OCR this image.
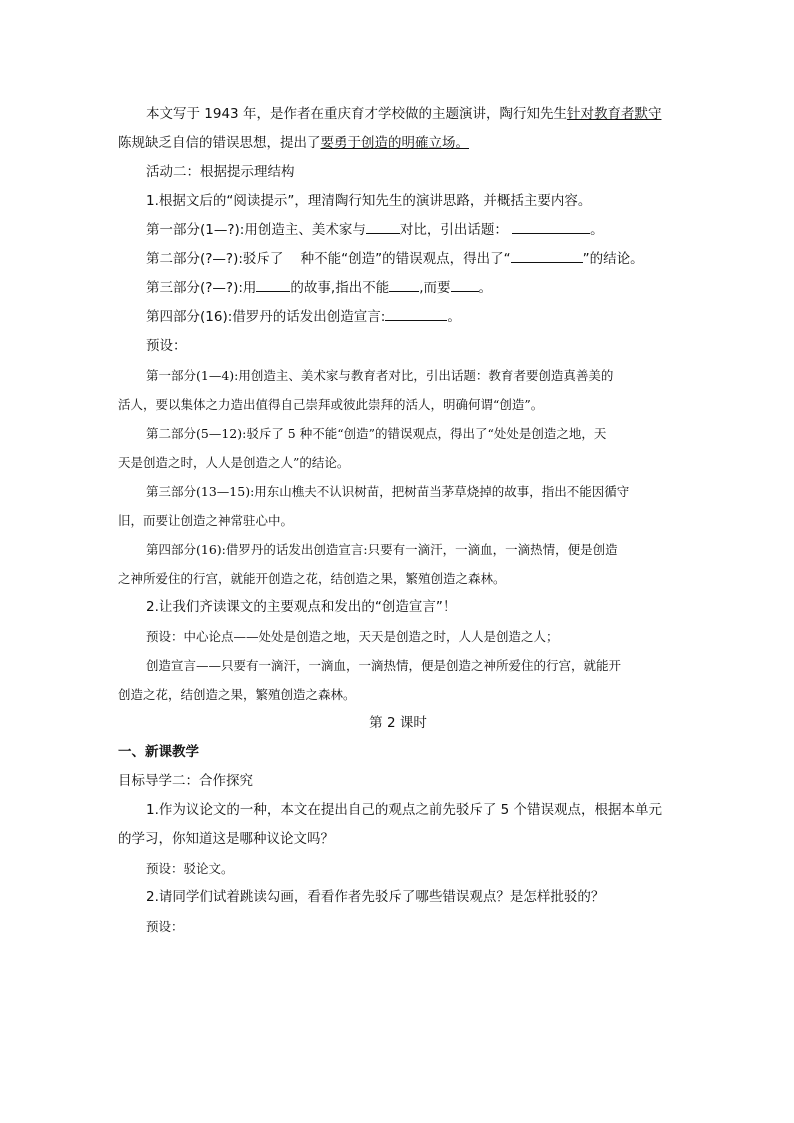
本文写于 1943 年，是作者在重庆育才学校做的主题演讲，陶行知先生针对教育者默守

陈规缺乏自信的错误思想，提出了要勇于创造的明確立场。

活动二：根据提示理结构

1.根据文后的“阅读提示”，理清陶行知先生的演讲思路，并概括主要内容。

第一部分(1—?):用创造主、美术家与	对比，引出话题：	。

第二部分(?—?):驳斥了 种不能“创造”的错误观点，得出了“	”的结论。

第三部分(?—?):用	的故事,指出不能 ,而要 。

第四部分(16):借罗丹的话发出创造宣言:	。

预设：

第一部分(1—4):用创造主、美术家与教育者对比，引出话题：教育者要创造真善美的

活人，要以集体之力造出值得自己崇拜或彼此崇拜的活人，明确何谓“创造”。

第二部分(5—12):驳斥了 5 种不能“创造”的错误观点，得出了“处处是创造之地，天

天是创造之时，人人是创造之人”的结论。

第三部分(13—15):用东山樵夫不认识树苗，把树苗当茅草烧掉的故事，指出不能因循守

旧，而要让创造之神常驻心中。

第四部分(16):借罗丹的话发出创造宣言:只要有一滴汗，一滴血，一滴热情，便是创造

之神所爱住的行宫，就能开创造之花，结创造之果，繁殖创造之森林。

2.让我们齐读课文的主要观点和发出的“创造宣言”！

预设：中心论点——处处是创造之地，天天是创造之时，人人是创造之人；

创造宣言——只要有一滴汗，一滴血，一滴热情，便是创造之神所爱住的行宫，就能开

创造之花，结创造之果，繁殖创造之森林。

第 2 课时

一、新课教学

目标导学二：合作探究

1.作为议论文的一种，本文在提出自己的观点之前先驳斥了 5 个错误观点，根据本单元

的学习，你知道这是哪种议论文吗？

预设：驳论文。

2.请同学们试着跳读勾画，看看作者先驳斥了哪些错误观点？是怎样批驳的？

预设：
